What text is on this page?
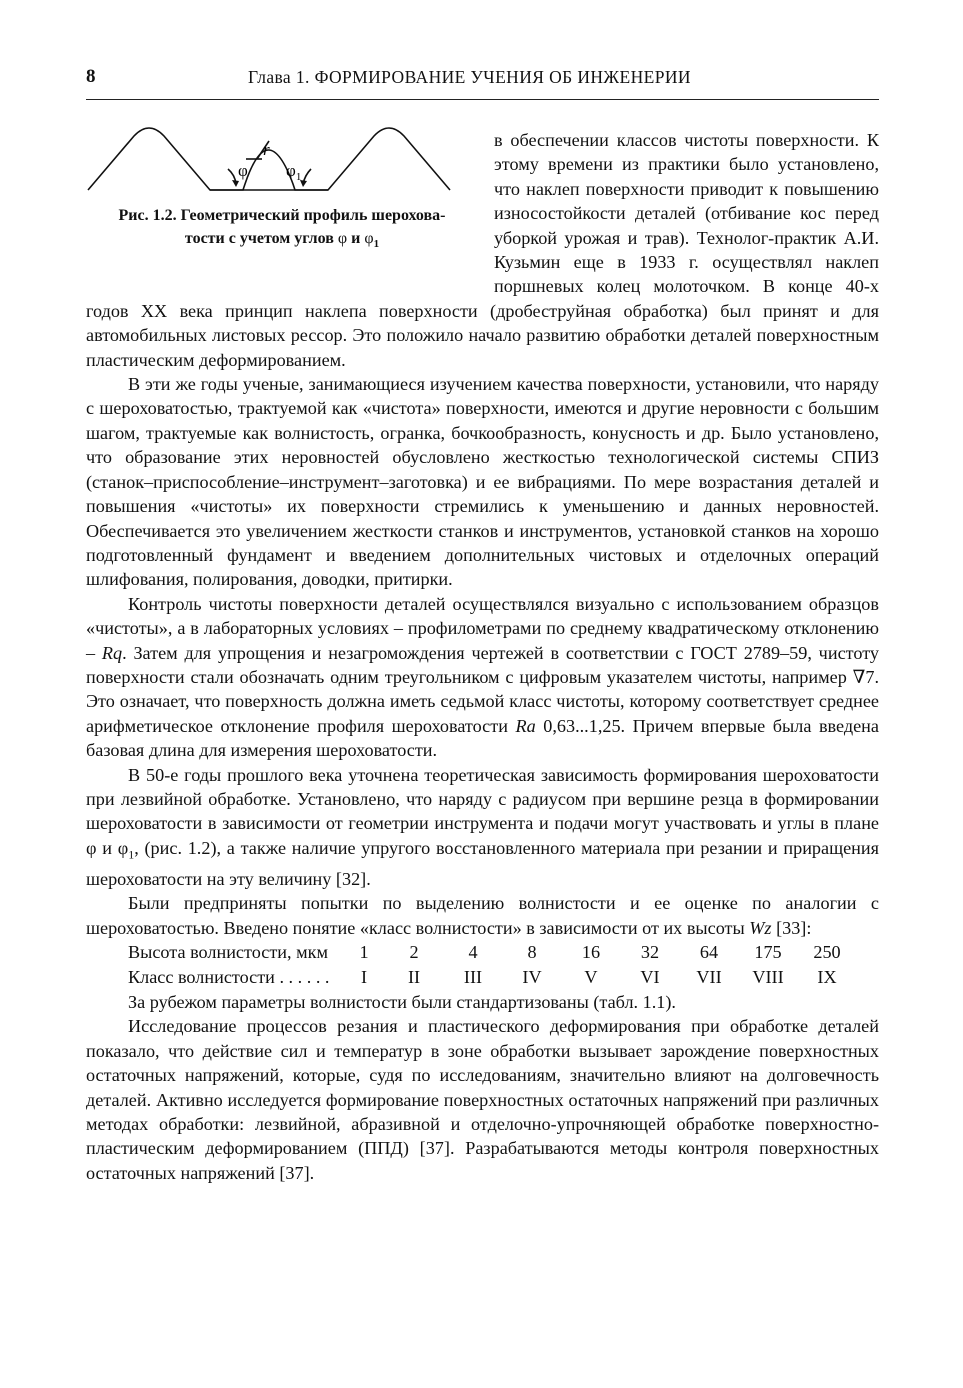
8	Глава 1. ФОРМИРОВАНИЕ УЧЕНИЯ ОБ ИНЖЕНЕРИИ

в обеспечении классов чистоты поверхности. К этому времени из практики было установлено, что наклеп поверхности приводит к повышению износостойкости деталей (отбивание кос перед уборкой урожая и трав). Технолог-практик А.И. Кузьмин еще в 1933 г. осуществлял наклеп поршневых колец молоточком. В конце 40-х годов XX века принцип наклепа поверхности (дробеструйная обработка) был принят и для автомобильных листовых рессор. Это положило начало развитию обработки деталей поверхностным пластическим деформированием.

В эти же годы ученые, занимающиеся изучением качества поверхности, установили, что наряду с шероховатостью, трактуемой как «чистота» поверхности, имеются и другие неровности с большим шагом, трактуемые как волнистость, огранка, бочкообразность, конусность и др. Было установлено, что образование этих неровностей обусловлено жесткостью технологической системы СПИЗ (станок–приспособление–инструмент–заготовка) и ее вибрациями. По мере возрастания деталей и повышения «чистоты» их поверхности стремились к уменьшению и данных неровностей. Обеспечивается это увеличением жесткости станков и инструментов, установкой станков на хорошо подготовленный фундамент и введением дополнительных чистовых и отделочных операций шлифования, полирования, доводки, притирки.

Контроль чистоты поверхности деталей осуществлялся визуально с использованием образцов «чистоты», а в лабораторных условиях – профилометрами по среднему квадратическому отклонению – Rq. Затем для упрощения и незагромождения чертежей в соответствии с ГОСТ 2789–59, чистоту поверхности стали обозначать одним треугольником с цифровым указателем чистоты, например ∇7. Это означает, что поверхность должна иметь седьмой класс чистоты, которому соответствует среднее арифметическое отклонение профиля шероховатости Ra 0,63...1,25. Причем впервые была введена базовая длина для измерения шероховатости.

В 50-е годы прошлого века уточнена теоретическая зависимость формирования шероховатости при лезвийной обработке. Установлено, что наряду с радиусом при вершине резца в формировании шероховатости в зависимости от геометрии инструмента и подачи могут участвовать и углы в плане φ и $\varphi_1$, (рис. 1.2), а также наличие упругого восстановленного материала при резании и приращения шероховатости на эту величину [32].

Были предприняты попытки по выделению волнистости и ее оценке по аналогии с шероховатостью. Введено понятие «класс волнистости» в зависимости от их высоты Wz [33]:

Высота волнистости, мкм	1	2	4	8	16	32	64	175	250
Класс волнистости . . . . . .	I	II	III	IV	V	VI	VII	VIII	IX

За рубежом параметры волнистости были стандартизованы (табл. 1.1).

Исследование процессов резания и пластического деформирования при обработке деталей показало, что действие сил и температур в зоне обработки вызывает зарождение поверхностных остаточных напряжений, которые, судя по исследованиям, значительно влияют на долговечность деталей. Активно исследуется формирование поверхностных остаточных напряжений при различных методах обработки: лезвийной, абразивной и отделочно-упрочняющей обработке поверхностно-пластическим деформированием (ППД) [37]. Разрабатываются методы контроля поверхностных остаточных напряжений [37].

φ
r
$\varphi_1$
Рис. 1.2. Геометрический профиль шерохова-
тости с учетом углов φ и $\varphi_1$
